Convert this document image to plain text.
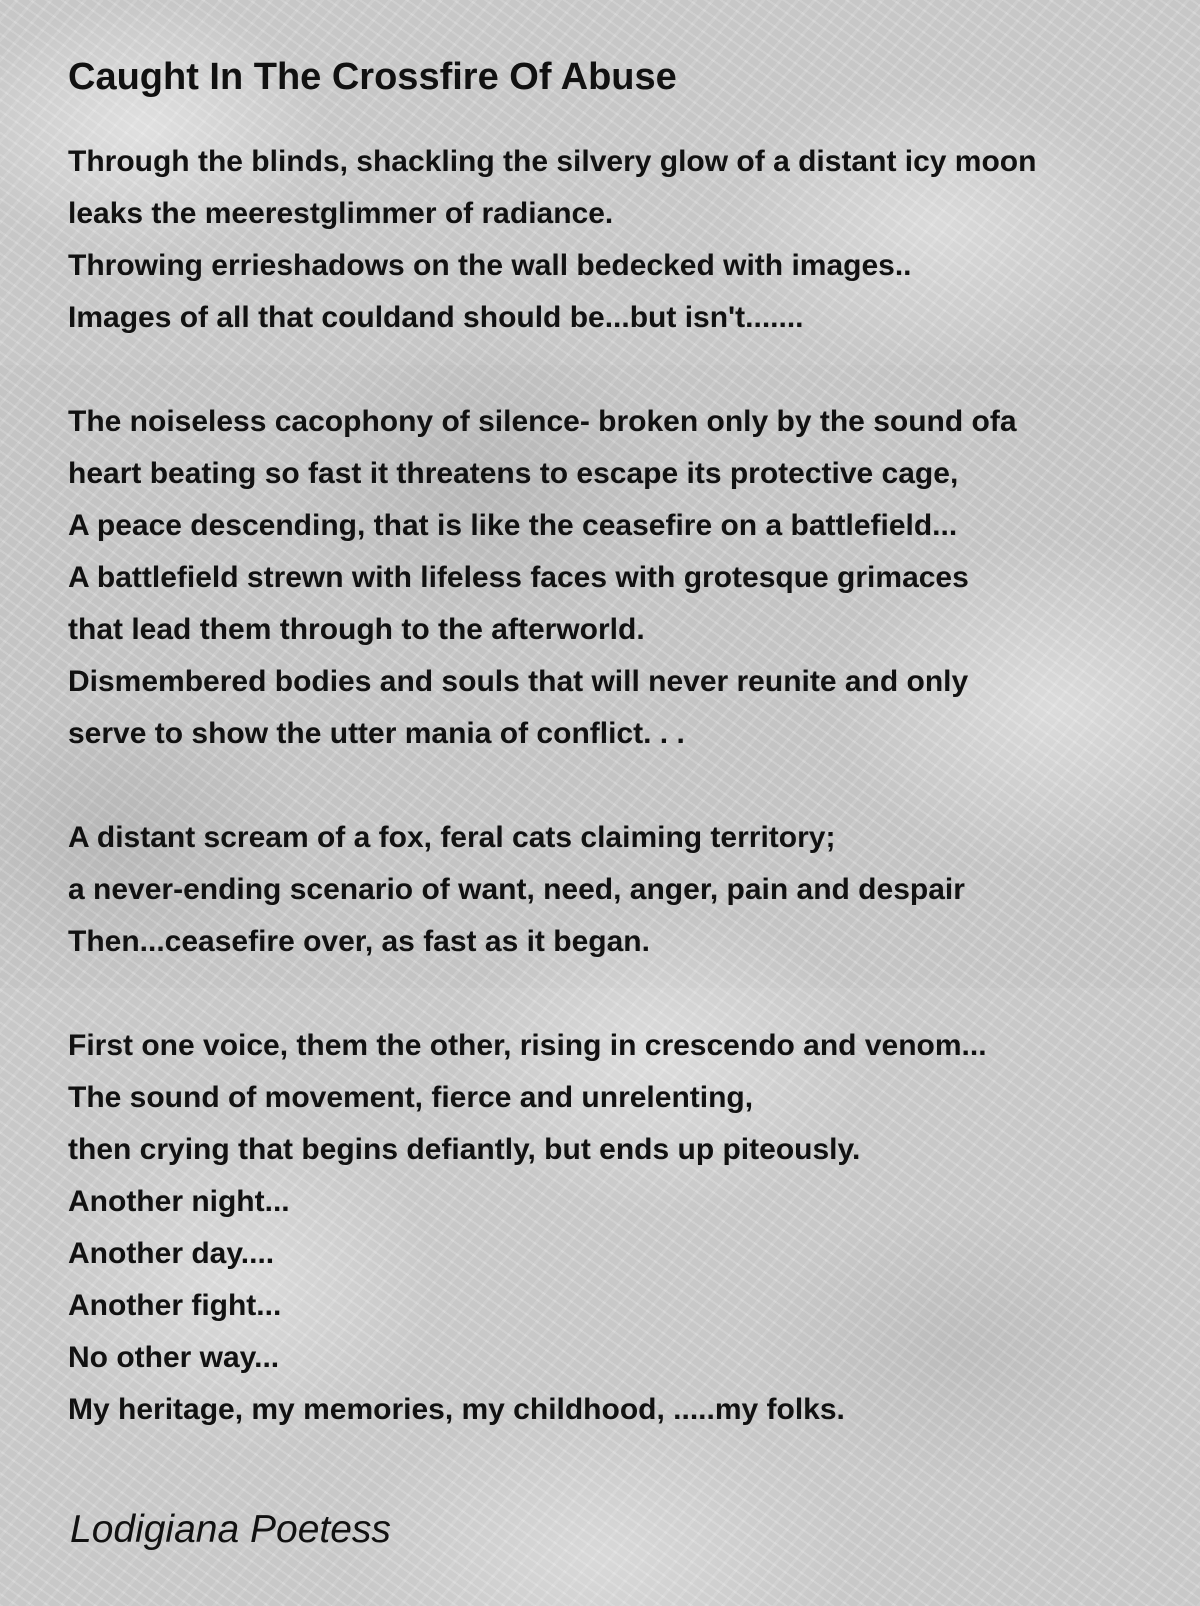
Caught In The Crossfire Of Abuse
Through the blinds, shackling the silvery glow of a distant icy moon
leaks the meerestglimmer of radiance.
Throwing errieshadows on the wall bedecked with images..
Images of all that couldand should be...but isn't.......
The noiseless cacophony of silence- broken only by the sound ofa
heart beating so fast it threatens to escape its protective cage,
A peace descending, that is like the ceasefire on a battlefield...
A battlefield strewn with lifeless faces with grotesque grimaces
that lead them through to the afterworld.
Dismembered bodies and souls that will never reunite and only
serve to show the utter mania of conflict. . .
A distant scream of a fox, feral cats claiming territory;
a never-ending scenario of want, need, anger, pain and despair
Then...ceasefire over, as fast as it began.
First one voice, them the other, rising in crescendo and venom...
The sound of movement, fierce and unrelenting,
then crying that begins defiantly, but ends up piteously.
Another night...
Another day....
Another fight...
No other way...
My heritage, my memories, my childhood, .....my folks.
Lodigiana Poetess
